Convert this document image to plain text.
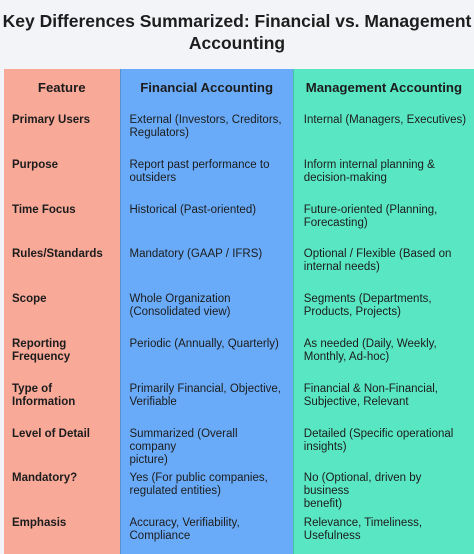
Key Differences Summarized: Financial vs. Management
Accounting
Feature
Primary Users
Purpose
Time Focus
Rules/Standards
Scope
Reporting
Frequency
Type of
Information
Level of Detail
Mandatory?
Emphasis
Financial Accounting
External (Investors, Creditors,
Regulators)
Report past performance to
outsiders
Historical (Past-oriented)
Mandatory (GAAP / IFRS)
Whole Organization
(Consolidated view)
Periodic (Annually, Quarterly)
Primarily Financial, Objective,
Verifiable
Summarized (Overall company
picture)
Yes (For public companies,
regulated entities)
Accuracy, Verifiability,
Compliance
Management Accounting
Internal (Managers, Executives)
Inform internal planning &
decision-making
Future-oriented (Planning,
Forecasting)
Optional / Flexible (Based on
internal needs)
Segments (Departments,
Products, Projects)
As needed (Daily, Weekly,
Monthly, Ad-hoc)
Financial & Non-Financial,
Subjective, Relevant
Detailed (Specific operational
insights)
No (Optional, driven by business
benefit)
Relevance, Timeliness,
Usefulness
